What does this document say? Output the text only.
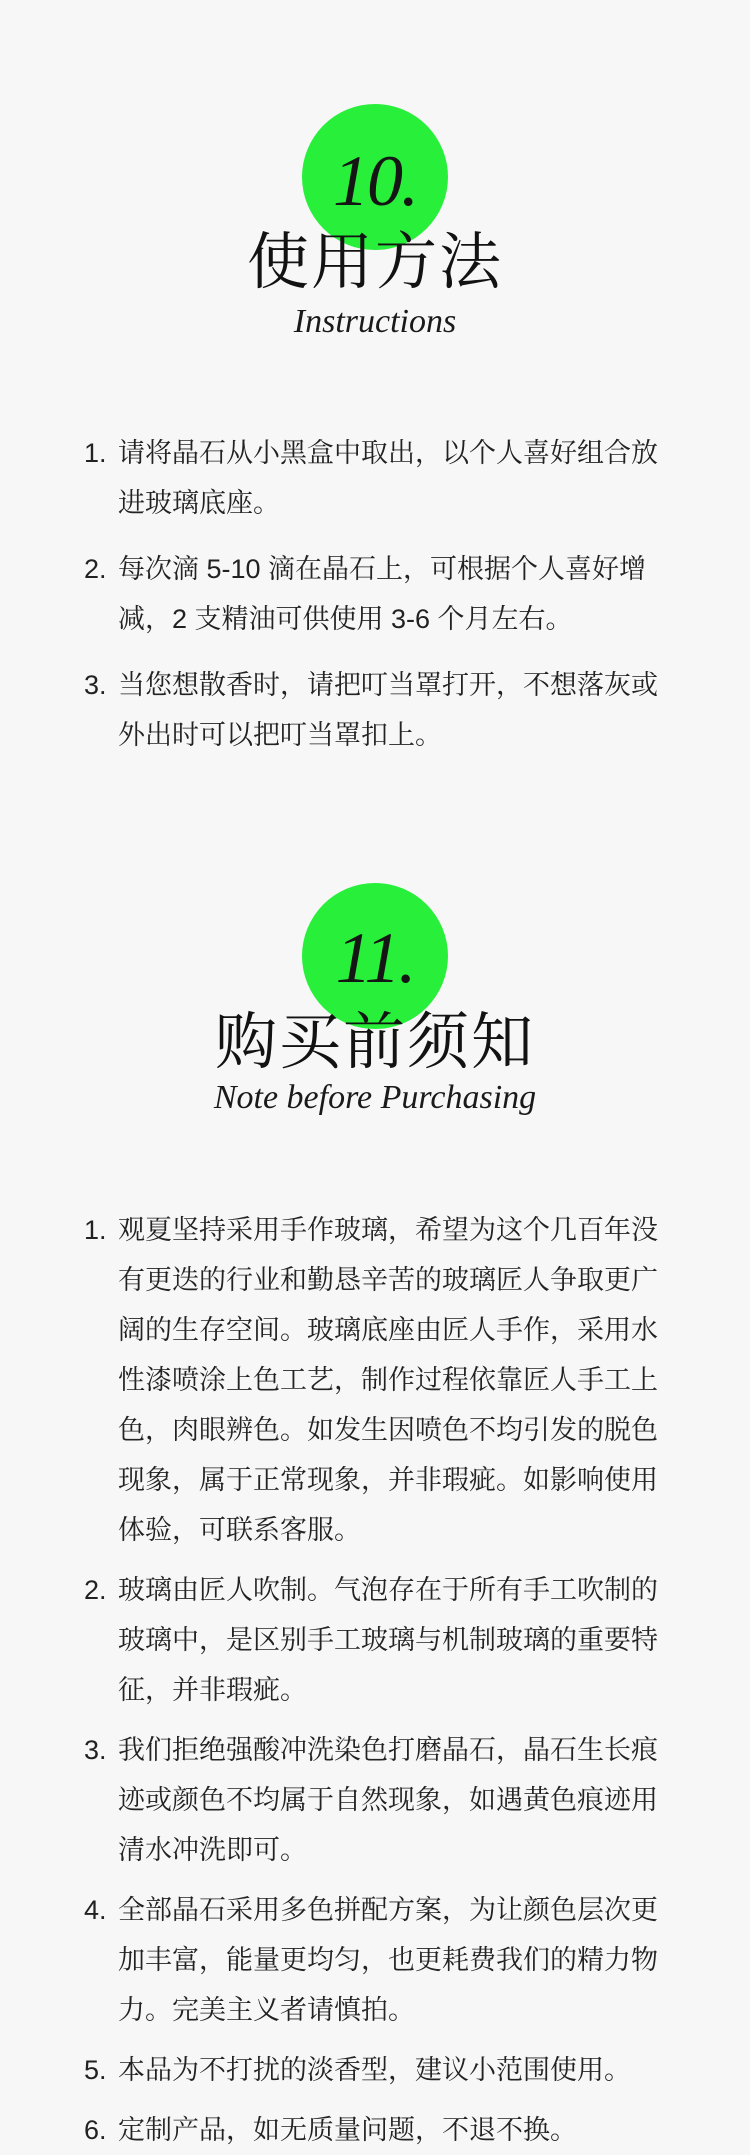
10.
使用方法
Instructions
1. 请将晶石从小黑盒中取出，以个人喜好组合放进玻璃底座。
2. 每次滴 5-10 滴在晶石上，可根据个人喜好增减，2 支精油可供使用 3-6 个月左右。
3. 当您想散香时，请把叮当罩打开，不想落灰或外出时可以把叮当罩扣上。
11.
购买前须知
Note before Purchasing
1. 观夏坚持采用手作玻璃，希望为这个几百年没有更迭的行业和勤恳辛苦的玻璃匠人争取更广阔的生存空间。玻璃底座由匠人手作，采用水性漆喷涂上色工艺，制作过程依靠匠人手工上色，肉眼辨色。如发生因喷色不均引发的脱色现象，属于正常现象，并非瑕疵。如影响使用体验，可联系客服。
2. 玻璃由匠人吹制。气泡存在于所有手工吹制的玻璃中，是区别手工玻璃与机制玻璃的重要特征，并非瑕疵。
3. 我们拒绝强酸冲洗染色打磨晶石，晶石生长痕迹或颜色不均属于自然现象，如遇黄色痕迹用清水冲洗即可。
4. 全部晶石采用多色拼配方案，为让颜色层次更加丰富，能量更均匀，也更耗费我们的精力物力。完美主义者请慎拍。
5. 本品为不打扰的淡香型，建议小范围使用。
6. 定制产品，如无质量问题，不退不换。
